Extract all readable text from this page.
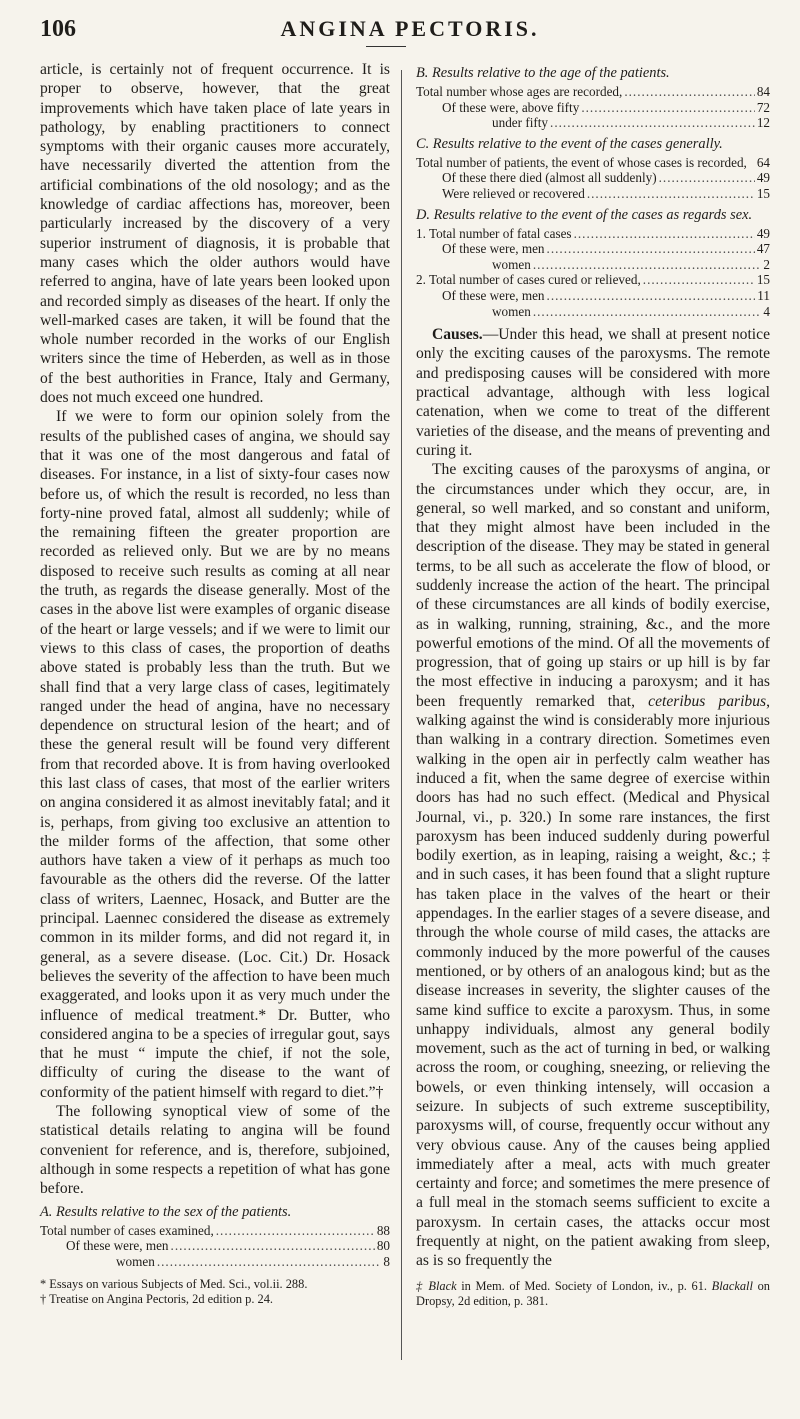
106	ANGINA PECTORIS.

article, is certainly not of frequent occurrence. It is proper to observe, however, that the great improvements which have taken place of late years in pathology, by enabling practitioners to connect symptoms with their organic causes more accurately, have necessarily diverted the attention from the artificial combinations of the old nosology; and as the knowledge of cardiac affections has, moreover, been particularly increased by the discovery of a very superior instrument of diagnosis, it is probable that many cases which the older authors would have referred to angina, have of late years been looked upon and recorded simply as diseases of the heart. If only the well-marked cases are taken, it will be found that the whole number recorded in the works of our English writers since the time of Heberden, as well as in those of the best authorities in France, Italy and Germany, does not much exceed one hundred.

If we were to form our opinion solely from the results of the published cases of angina, we should say that it was one of the most dangerous and fatal of diseases. For instance, in a list of sixty-four cases now before us, of which the result is recorded, no less than forty-nine proved fatal, almost all suddenly; while of the remaining fifteen the greater proportion are recorded as relieved only. But we are by no means disposed to receive such results as coming at all near the truth, as regards the disease generally. Most of the cases in the above list were examples of organic disease of the heart or large vessels; and if we were to limit our views to this class of cases, the proportion of deaths above stated is probably less than the truth. But we shall find that a very large class of cases, legitimately ranged under the head of angina, have no necessary dependence on structural lesion of the heart; and of these the general result will be found very different from that recorded above. It is from having overlooked this last class of cases, that most of the earlier writers on angina considered it as almost inevitably fatal; and it is, perhaps, from giving too exclusive an attention to the milder forms of the affection, that some other authors have taken a view of it perhaps as much too favourable as the others did the reverse. Of the latter class of writers, Laennec, Hosack, and Butter are the principal. Laennec considered the disease as extremely common in its milder forms, and did not regard it, in general, as a severe disease. (Loc. Cit.) Dr. Hosack believes the severity of the affection to have been much exaggerated, and looks upon it as very much under the influence of medical treatment.* Dr. Butter, who considered angina to be a species of irregular gout, says that he must “ impute the chief, if not the sole, difficulty of curing the disease to the want of conformity of the patient himself with regard to diet.”†

The following synoptical view of some of the statistical details relating to angina will be found convenient for reference, and is, therefore, subjoined, although in some respects a repetition of what has gone before.

A. Results relative to the sex of the patients.
Total number of cases examined, .....	88
Of these were, men .....	80
women .....	8
* Essays on various Subjects of Med. Sci., vol.ii. 288.
† Treatise on Angina Pectoris, 2d edition p. 24.
B. Results relative to the age of the patients.
Total number whose ages are recorded, .....	84
Of these were, above fifty .....	72
under fifty .....	12
C. Results relative to the event of the cases generally.
Total number of patients, the event of whose cases is recorded, 64
Of these there died (almost all suddenly) .....	49
Were relieved or recovered .....	15
D. Results relative to the event of the cases as regards sex.
1. Total number of fatal cases .....	49
Of these were, men .....	47
women .....	2
2. Total number of cases cured or relieved, .....	15
Of these were, men .....	11
women .....	4

Causes.—Under this head, we shall at present notice only the exciting causes of the paroxysms. The remote and predisposing causes will be considered with more practical advantage, although with less logical catenation, when we come to treat of the different varieties of the disease, and the means of preventing and curing it.

The exciting causes of the paroxysms of angina, or the circumstances under which they occur, are, in general, so well marked, and so constant and uniform, that they might almost have been included in the description of the disease. They may be stated in general terms, to be all such as accelerate the flow of blood, or suddenly increase the action of the heart. The principal of these circumstances are all kinds of bodily exercise, as in walking, running, straining, &c., and the more powerful emotions of the mind. Of all the movements of progression, that of going up stairs or up hill is by far the most effective in inducing a paroxysm; and it has been frequently remarked that, ceteribus paribus, walking against the wind is considerably more injurious than walking in a contrary direction. Sometimes even walking in the open air in perfectly calm weather has induced a fit, when the same degree of exercise within doors has had no such effect. (Medical and Physical Journal, vi., p. 320.) In some rare instances, the first paroxysm has been induced suddenly during powerful bodily exertion, as in leaping, raising a weight, &c.; ‡ and in such cases, it has been found that a slight rupture has taken place in the valves of the heart or their appendages. In the earlier stages of a severe disease, and through the whole course of mild cases, the attacks are commonly induced by the more powerful of the causes mentioned, or by others of an analogous kind; but as the disease increases in severity, the slighter causes of the same kind suffice to excite a paroxysm. Thus, in some unhappy individuals, almost any general bodily movement, such as the act of turning in bed, or walking across the room, or coughing, sneezing, or relieving the bowels, or even thinking intensely, will occasion a seizure. In subjects of such extreme susceptibility, paroxysms will, of course, frequently occur without any very obvious cause. Any of the causes being applied immediately after a meal, acts with much greater certainty and force; and sometimes the mere presence of a full meal in the stomach seems sufficient to excite a paroxysm. In certain cases, the attacks occur most frequently at night, on the patient awaking from sleep, as is so frequently the

‡ Black in Mem. of Med. Society of London, iv., p. 61. Blackall on Dropsy, 2d edition, p. 381.
